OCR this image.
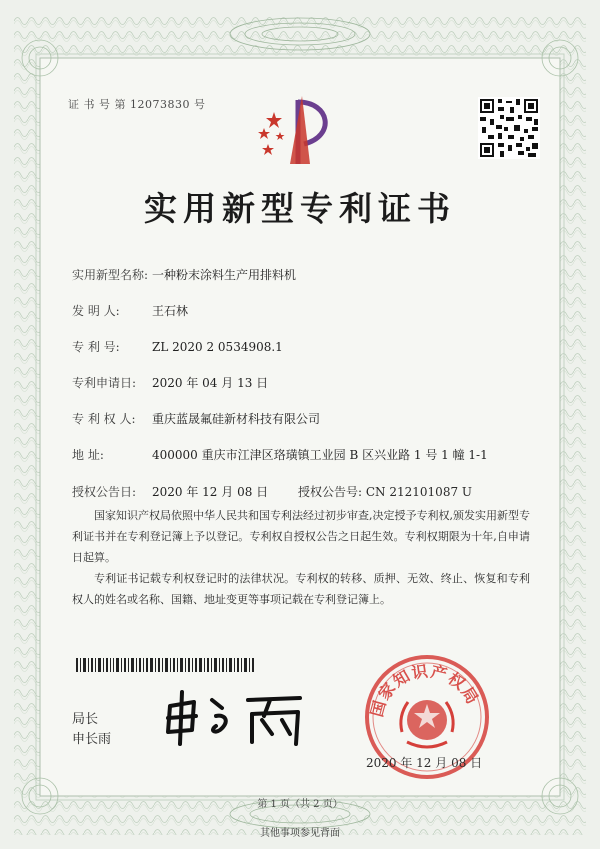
证 书 号 第 12073830 号
实用新型专利证书
实用新型名称: 一种粉末涂料生产用排料机
发 明 人:	王石林
专 利 号:	ZL 2020 2 0534908.1
专利申请日: 2020 年 04 月 13 日
专 利 权 人: 重庆蓝晟氟硅新材科技有限公司
地 址:	400000 重庆市江津区珞璜镇工业园 B 区兴业路 1 号 1 幢 1-1
授权公告日: 2020 年 12 月 08 日 授权公告号: CN 212101087 U
国家知识产权局依照中华人民共和国专利法经过初步审查,决定授予专利权,颁发实用新型专利证书并在专利登记簿上予以登记。专利权自授权公告之日起生效。专利权期限为十年,自申请日起算。
专利证书记载专利权登记时的法律状况。专利权的转移、质押、无效、终止、恢复和专利权人的姓名或名称、国籍、地址变更等事项记载在专利登记簿上。
局长
申长雨
国家知识产权局
2020 年 12 月 08 日
第 1 页（共 2 页）
其他事项参见背面
